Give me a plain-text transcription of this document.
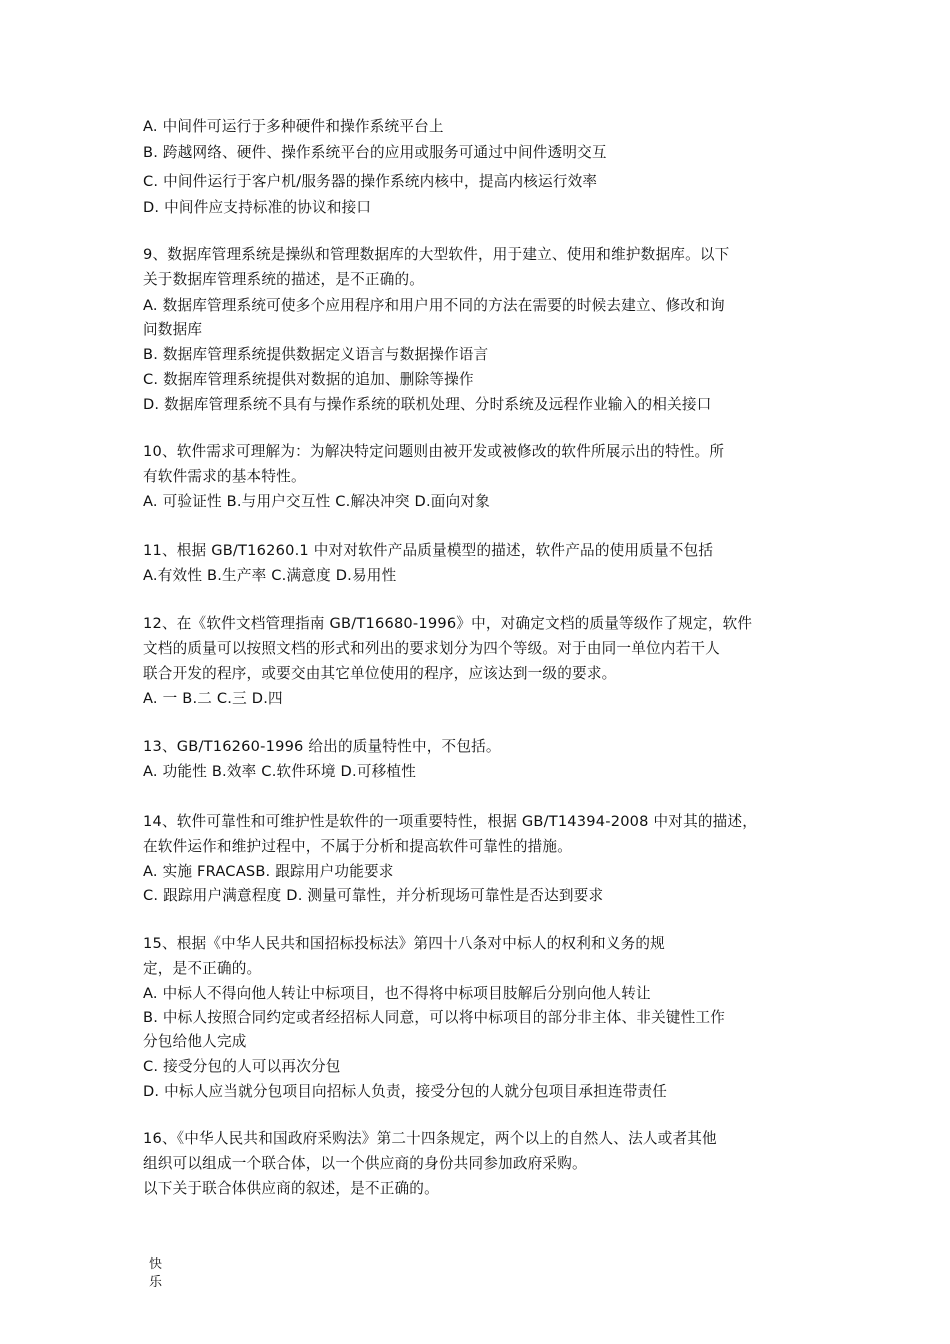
A. 中间件可运行于多种硬件和操作系统平台上
B. 跨越网络、硬件、操作系统平台的应用或服务可通过中间件透明交互
C. 中间件运行于客户机/服务器的操作系统内核中，提高内核运行效率
D. 中间件应支持标准的协议和接口
9、数据库管理系统是操纵和管理数据库的大型软件，用于建立、使用和维护数据库。以下
关于数据库管理系统的描述，是不正确的。
A. 数据库管理系统可使多个应用程序和用户用不同的方法在需要的时候去建立、修改和询
问数据库
B. 数据库管理系统提供数据定义语言与数据操作语言
C. 数据库管理系统提供对数据的追加、删除等操作
D. 数据库管理系统不具有与操作系统的联机处理、分时系统及远程作业输入的相关接口
10、软件需求可理解为：为解决特定问题则由被开发或被修改的软件所展示出的特性。所
有软件需求的基本特性。
A. 可验证性 B.与用户交互性 C.解决冲突 D.面向对象
11、根据 GB/T16260.1 中对对软件产品质量模型的描述，软件产品的使用质量不包括
A.有效性 B.生产率 C.满意度 D.易用性
12、在《软件文档管理指南 GB/T16680-1996》中，对确定文档的质量等级作了规定，软件
文档的质量可以按照文档的形式和列出的要求划分为四个等级。对于由同一单位内若干人
联合开发的程序，或要交由其它单位使用的程序，应该达到一级的要求。
A. 一 B.二 C.三 D.四
13、GB/T16260-1996 给出的质量特性中，不包括。
A. 功能性 B.效率 C.软件环境 D.可移植性
14、软件可靠性和可维护性是软件的一项重要特性，根据 GB/T14394-2008 中对其的描述，
在软件运作和维护过程中，不属于分析和提高软件可靠性的措施。
A. 实施 FRACASB. 跟踪用户功能要求
C. 跟踪用户满意程度 D. 测量可靠性，并分析现场可靠性是否达到要求
15、根据《中华人民共和国招标投标法》第四十八条对中标人的权利和义务的规
定，是不正确的。
A. 中标人不得向他人转让中标项目，也不得将中标项目肢解后分别向他人转让
B. 中标人按照合同约定或者经招标人同意，可以将中标项目的部分非主体、非关键性工作
分包给他人完成
C. 接受分包的人可以再次分包
D. 中标人应当就分包项目向招标人负责，接受分包的人就分包项目承担连带责任
16、《中华人民共和国政府采购法》第二十四条规定，两个以上的自然人、法人或者其他
组织可以组成一个联合体，以一个供应商的身份共同参加政府采购。
以下关于联合体供应商的叙述，是不正确的。
快乐
